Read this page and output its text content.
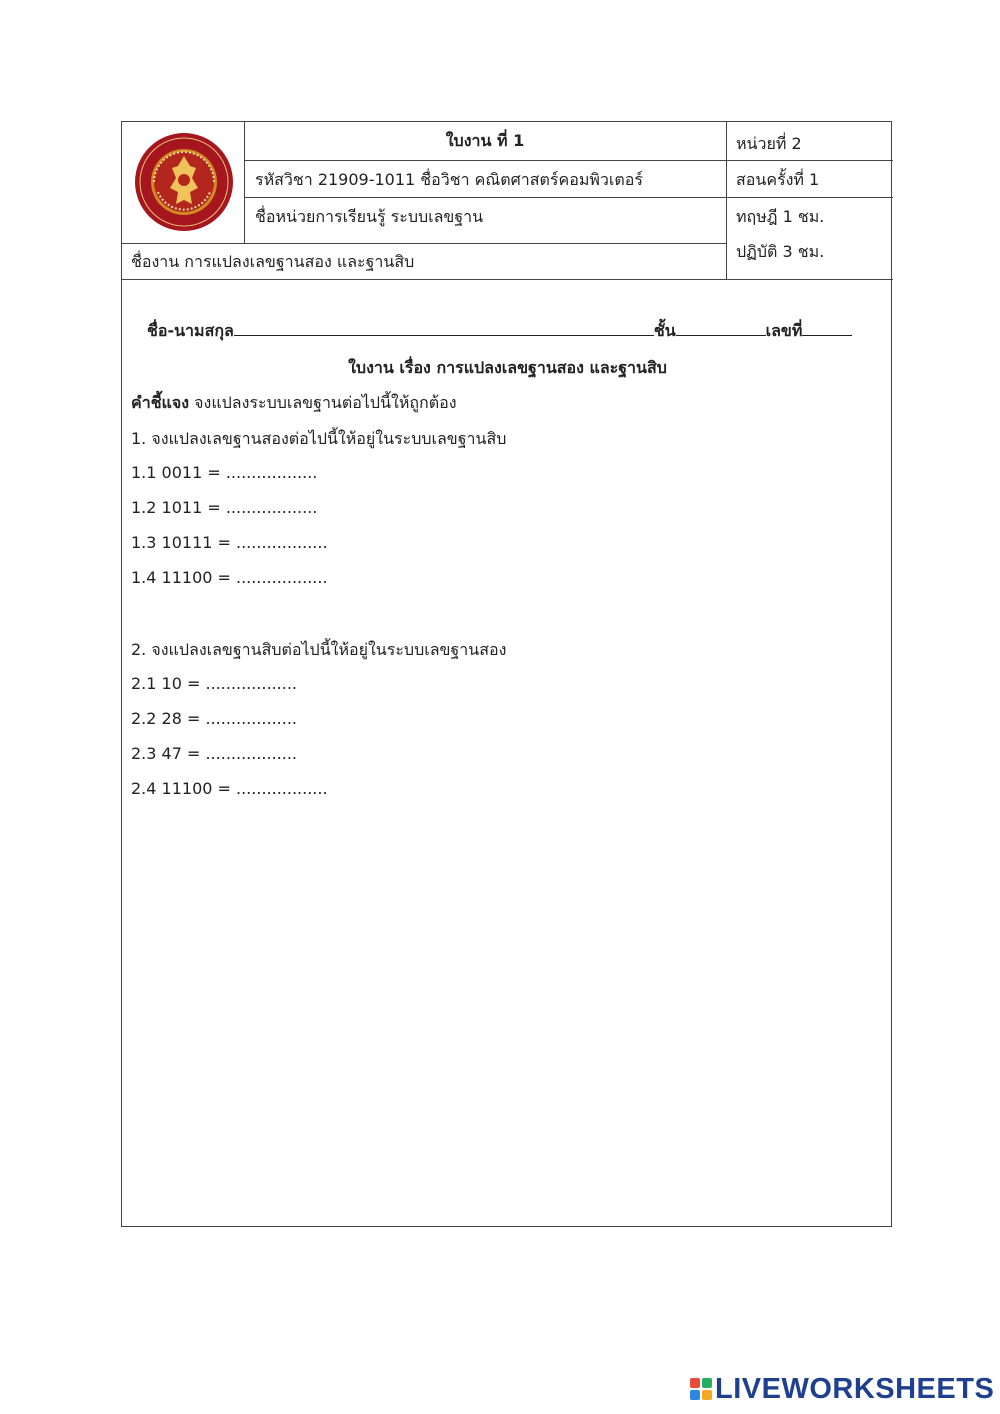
ใบงาน ที่ 1	หน่วยที่ 2
รหัสวิชา 21909-1011 ชื่อวิชา คณิตศาสตร์คอมพิวเตอร์	สอนครั้งที่ 1
ชื่อหน่วยการเรียนรู้ ระบบเลขฐาน	ทฤษฎี 1 ชม.
ปฏิบัติ 3 ชม.
ชื่องาน การแปลงเลขฐานสอง และฐานสิบ
ชื่อ-นามสกุล	ชั้น	เลขที่
ใบงาน เรื่อง การแปลงเลขฐานสอง และฐานสิบ
คำชี้แจง จงแปลงระบบเลขฐานต่อไปนี้ให้ถูกต้อง
1. จงแปลงเลขฐานสองต่อไปนี้ให้อยู่ในระบบเลขฐานสิบ
1.1 0011 = ..................
1.2 1011 = ..................
1.3 10111 = ..................
1.4 11100 = ..................
2. จงแปลงเลขฐานสิบต่อไปนี้ให้อยู่ในระบบเลขฐานสอง
2.1 10 = ..................
2.2 28 = ..................
2.3 47 = ..................
2.4 11100 = ..................
LIVEWORKSHEETS
